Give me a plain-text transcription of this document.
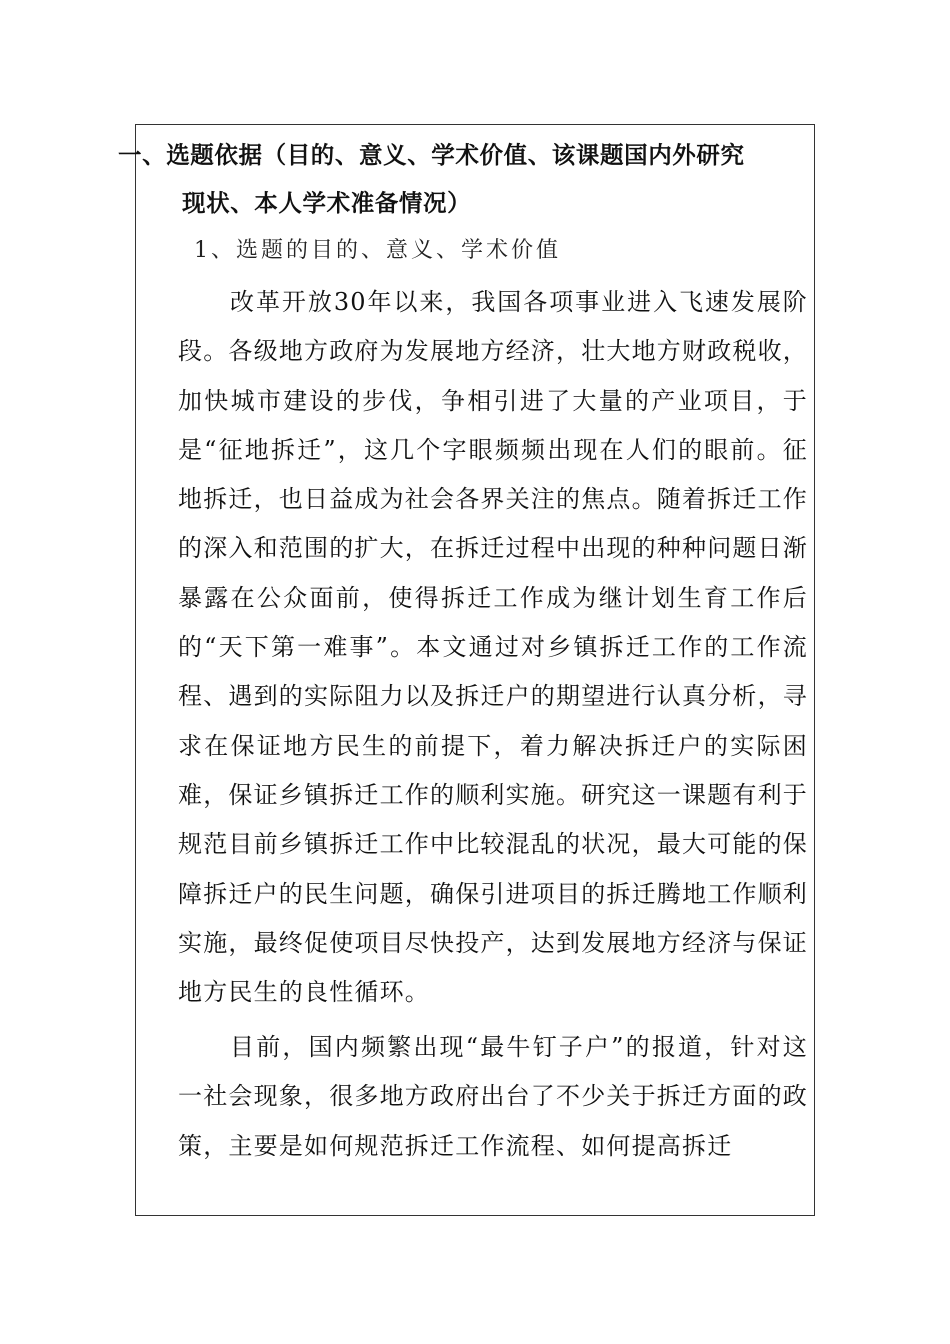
一、选题依据（目的、意义、学术价值、该课题国内外研究
现状、本人学术准备情况）
1、选题的目的、意义、学术价值

改革开放30年以来，我国各项事业进入飞速发展阶段。各级地方政府为发展地方经济，壮大地方财政税收，加快城市建设的步伐，争相引进了大量的产业项目，于是“征地拆迁”，这几个字眼频频出现在人们的眼前。征地拆迁，也日益成为社会各界关注的焦点。随着拆迁工作的深入和范围的扩大，在拆迁过程中出现的种种问题日渐暴露在公众面前，使得拆迁工作成为继计划生育工作后的“天下第一难事”。本文通过对乡镇拆迁工作的工作流程、遇到的实际阻力以及拆迁户的期望进行认真分析，寻求在保证地方民生的前提下，着力解决拆迁户的实际困难，保证乡镇拆迁工作的顺利实施。研究这一课题有利于规范目前乡镇拆迁工作中比较混乱的状况，最大可能的保障拆迁户的民生问题，确保引进项目的拆迁腾地工作顺利实施，最终促使项目尽快投产，达到发展地方经济与保证地方民生的良性循环。

目前，国内频繁出现“最牛钉子户”的报道，针对这一社会现象，很多地方政府出台了不少关于拆迁方面的政策，主要是如何规范拆迁工作流程、如何提高拆迁
